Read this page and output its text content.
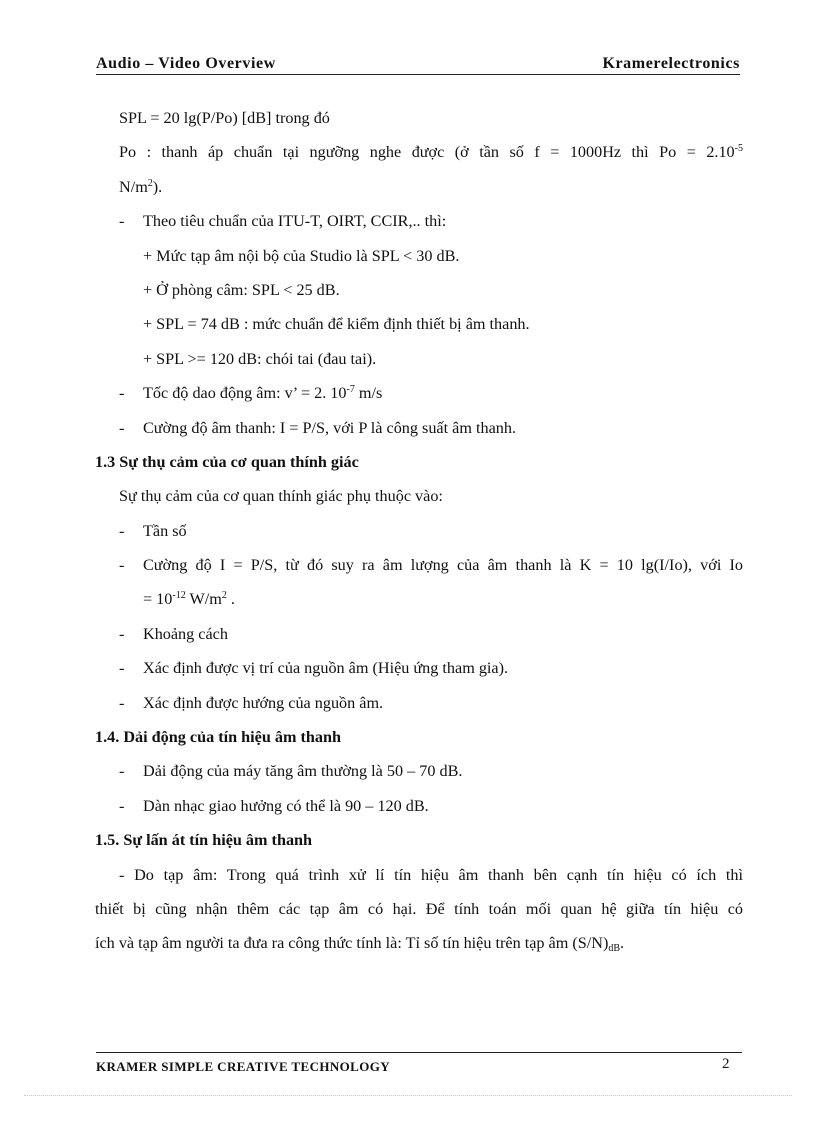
Audio – Video Overview	Kramerelectronics
SPL = 20 lg(P/Po) [dB] trong đó
Po : thanh áp chuẩn tại ngưỡng nghe được (ở tần số f = 1000Hz thì $Po = 2.10^{-5}$
$N/m^2$).
- Theo tiêu chuẩn của ITU-T, OIRT, CCIR,.. thì:
+ Mức tạp âm nội bộ của Studio là SPL < 30 dB.
+ Ở phòng câm: SPL < 25 dB.
+ SPL = 74 dB : mức chuẩn để kiểm định thiết bị âm thanh.
+ SPL >= 120 dB: chói tai (đau tai).
- Tốc độ dao động âm: v’ = 2. $10^{-7}$ m/s
- Cường độ âm thanh: I = P/S, với P là công suất âm thanh.
1.3 Sự thụ cảm của cơ quan thính giác
Sự thụ cảm của cơ quan thính giác phụ thuộc vào:
- Tần số
- Cường độ I = P/S, từ đó suy ra âm lượng của âm thanh là K = 10 lg(I/Io), với Io
= $10^{-12}$ $W/m^2$ .
- Khoảng cách
- Xác định được vị trí của nguồn âm (Hiệu ứng tham gia).
- Xác định được hướng của nguồn âm.
1.4. Dải động của tín hiệu âm thanh
- Dải động của máy tăng âm thường là 50 – 70 dB.
- Dàn nhạc giao hưởng có thể là 90 – 120 dB.
1.5. Sự lấn át tín hiệu âm thanh
- Do tạp âm: Trong quá trình xử lí tín hiệu âm thanh bên cạnh tín hiệu có ích thì
thiết bị cũng nhận thêm các tạp âm có hại. Để tính toán mối quan hệ giữa tín hiệu có
ích và tạp âm người ta đưa ra công thức tính là: Tỉ số tín hiệu trên tạp âm $(S/N)_{dB}$.
KRAMER SIMPLE CREATIVE TECHNOLOGY	2
